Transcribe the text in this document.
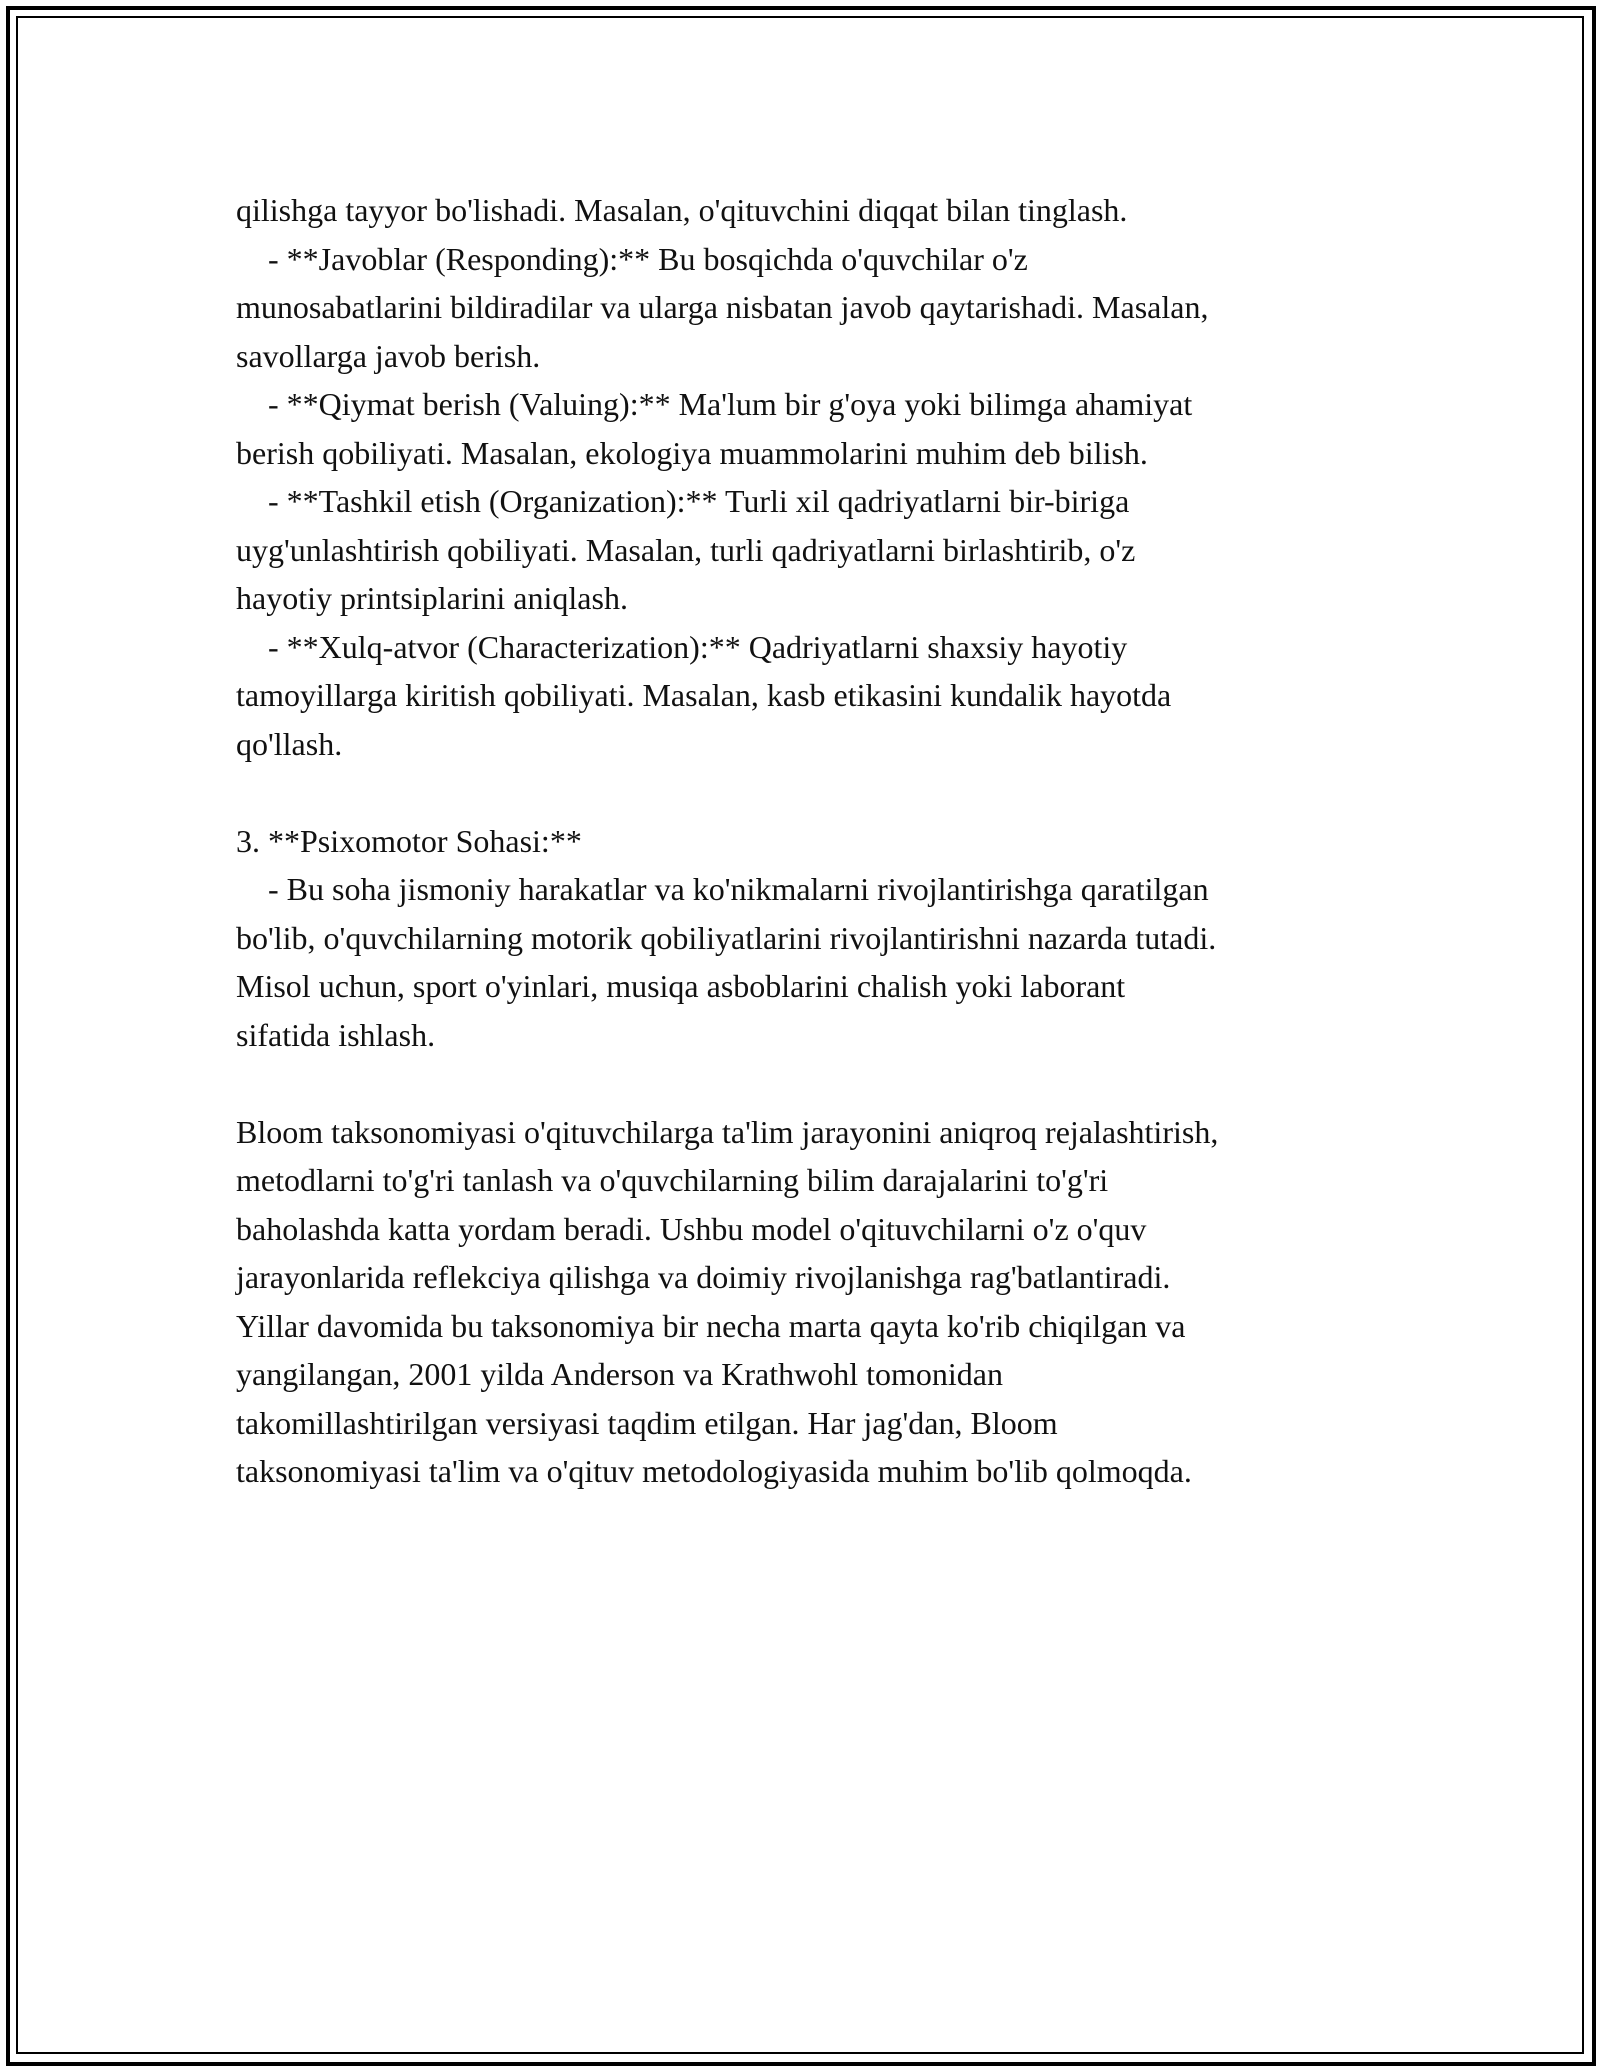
qilishga tayyor bo'lishadi. Masalan, o'qituvchini diqqat bilan tinglash.
- **Javoblar (Responding):** Bu bosqichda o'quvchilar o'z
munosabatlarini bildiradilar va ularga nisbatan javob qaytarishadi. Masalan,
savollarga javob berish.
- **Qiymat berish (Valuing):** Ma'lum bir g'oya yoki bilimga ahamiyat
berish qobiliyati. Masalan, ekologiya muammolarini muhim deb bilish.
- **Tashkil etish (Organization):** Turli xil qadriyatlarni bir-biriga
uyg'unlashtirish qobiliyati. Masalan, turli qadriyatlarni birlashtirib, o'z
hayotiy printsiplarini aniqlash.
- **Xulq-atvor (Characterization):** Qadriyatlarni shaxsiy hayotiy
tamoyillarga kiritish qobiliyati. Masalan, kasb etikasini kundalik hayotda
qo'llash.
3. **Psixomotor Sohasi:**
- Bu soha jismoniy harakatlar va ko'nikmalarni rivojlantirishga qaratilgan
bo'lib, o'quvchilarning motorik qobiliyatlarini rivojlantirishni nazarda tutadi.
Misol uchun, sport o'yinlari, musiqa asboblarini chalish yoki laborant
sifatida ishlash.
Bloom taksonomiyasi o'qituvchilarga ta'lim jarayonini aniqroq rejalashtirish,
metodlarni to'g'ri tanlash va o'quvchilarning bilim darajalarini to'g'ri
baholashda katta yordam beradi. Ushbu model o'qituvchilarni o'z o'quv
jarayonlarida reflekciya qilishga va doimiy rivojlanishga rag'batlantiradi.
Yillar davomida bu taksonomiya bir necha marta qayta ko'rib chiqilgan va
yangilangan, 2001 yilda Anderson va Krathwohl tomonidan
takomillashtirilgan versiyasi taqdim etilgan. Har jag'dan, Bloom
taksonomiyasi ta'lim va o'qituv metodologiyasida muhim bo'lib qolmoqda.
